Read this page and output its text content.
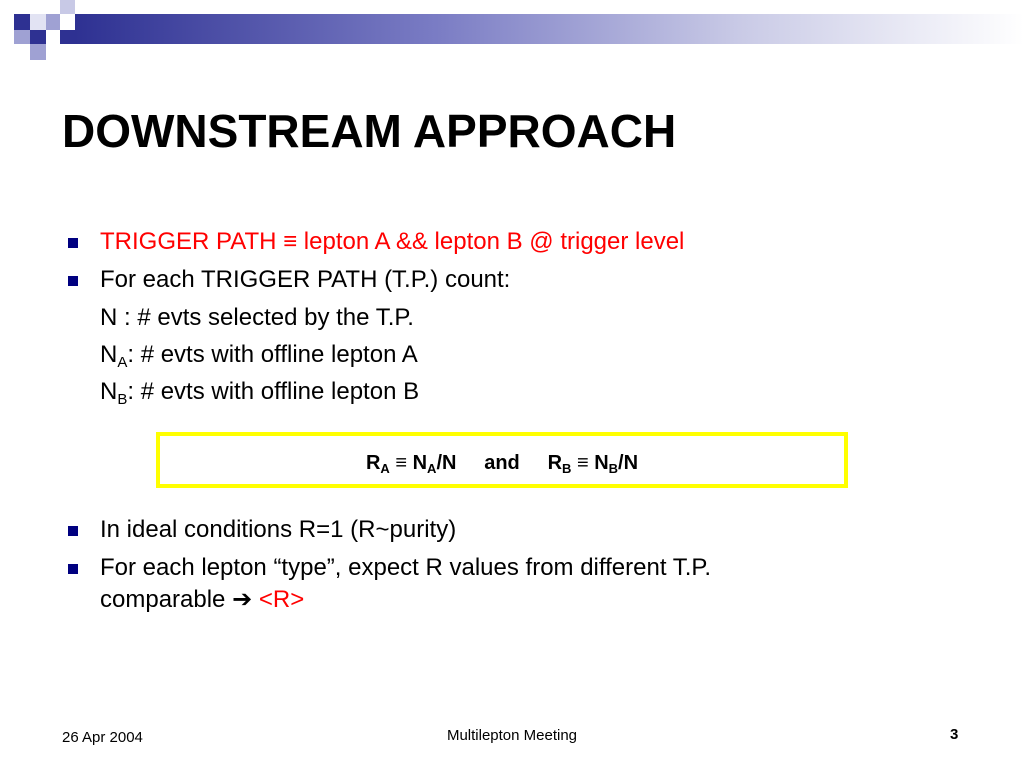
DOWNSTREAM APPROACH
TRIGGER PATH ≡ lepton A && lepton B @ trigger level
For each TRIGGER PATH (T.P.) count:
N : # evts selected by the T.P.
$N_A$: # evts with offline lepton A
$N_B$: # evts with offline lepton B
$R_A \equiv N_A/N$     and     $R_B \equiv N_B/N$
In ideal conditions R=1 (R~purity)
For each lepton “type”, expect R values from different T.P.
comparable ➔ <R>
26 Apr 2004	Multilepton Meeting	3
